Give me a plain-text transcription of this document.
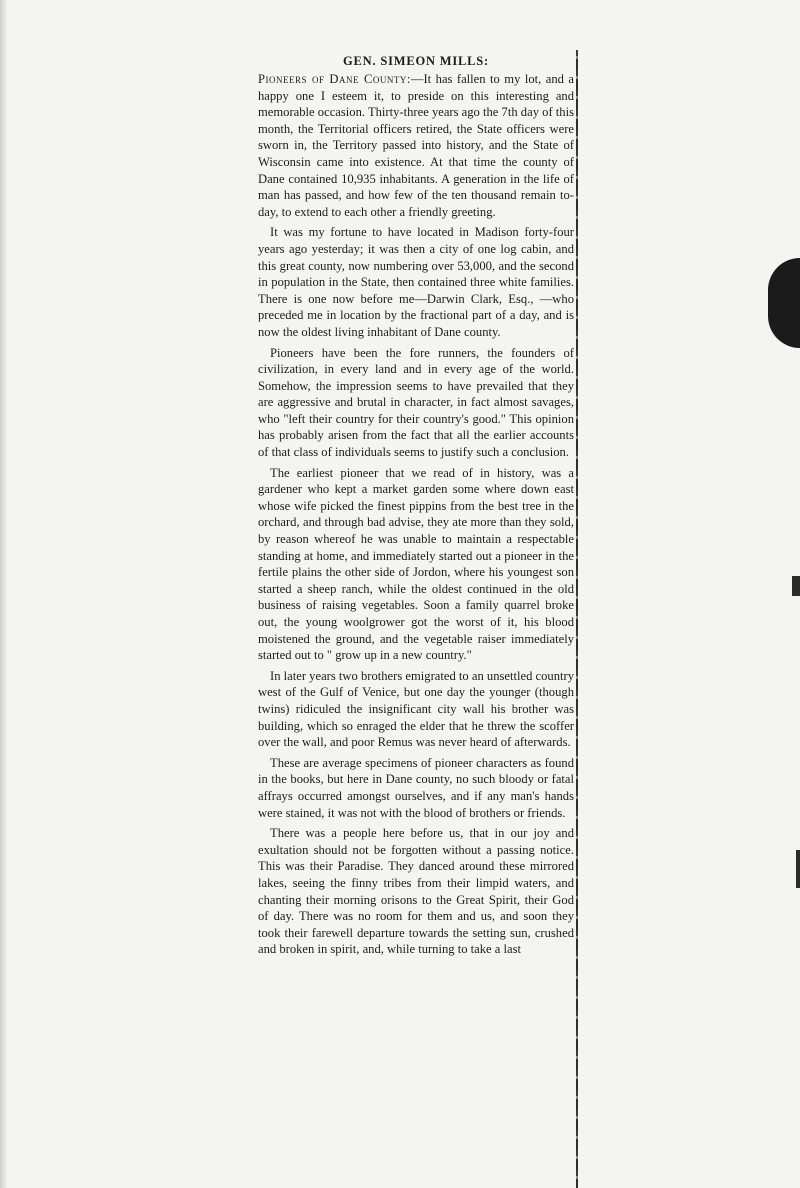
GEN. SIMEON MILLS:

Pioneers of Dane County:—It has fallen to my lot, and a happy one I esteem it, to preside on this interesting and memorable occasion. Thirty-three years ago the 7th day of this month, the Territorial officers retired, the State officers were sworn in, the Territory passed into history, and the State of Wisconsin came into existence. At that time the county of Dane contained 10,935 inhabitants. A generation in the life of man has passed, and how few of the ten thousand remain to-day, to extend to each other a friendly greeting.

It was my fortune to have located in Madison forty-four years ago yesterday; it was then a city of one log cabin, and this great county, now numbering over 53,000, and the second in population in the State, then contained three white families. There is one now before me—Darwin Clark, Esq., —who preceded me in location by the fractional part of a day, and is now the oldest living inhabitant of Dane county.

Pioneers have been the fore runners, the founders of civilization, in every land and in every age of the world. Somehow, the impression seems to have prevailed that they are aggressive and brutal in character, in fact almost savages, who "left their country for their country's good." This opinion has probably arisen from the fact that all the earlier accounts of that class of individuals seems to justify such a conclusion.

The earliest pioneer that we read of in history, was a gardener who kept a market garden some where down east whose wife picked the finest pippins from the best tree in the orchard, and through bad advise, they ate more than they sold, by reason whereof he was unable to maintain a respectable standing at home, and immediately started out a pioneer in the fertile plains the other side of Jordon, where his youngest son started a sheep ranch, while the oldest continued in the old business of raising vegetables. Soon a family quarrel broke out, the young woolgrower got the worst of it, his blood moistened the ground, and the vegetable raiser immediately started out to " grow up in a new country."

In later years two brothers emigrated to an unsettled country west of the Gulf of Venice, but one day the younger (though twins) ridiculed the insignificant city wall his brother was building, which so enraged the elder that he threw the scoffer over the wall, and poor Remus was never heard of afterwards.

These are average specimens of pioneer characters as found in the books, but here in Dane county, no such bloody or fatal affrays occurred amongst ourselves, and if any man's hands were stained, it was not with the blood of brothers or friends.

There was a people here before us, that in our joy and exultation should not be forgotten without a passing notice. This was their Paradise. They danced around these mirrored lakes, seeing the finny tribes from their limpid waters, and chanting their morning orisons to the Great Spirit, their God of day. There was no room for them and us, and soon they took their farewell departure towards the setting sun, crushed and broken in spirit, and, while turning to take a last
